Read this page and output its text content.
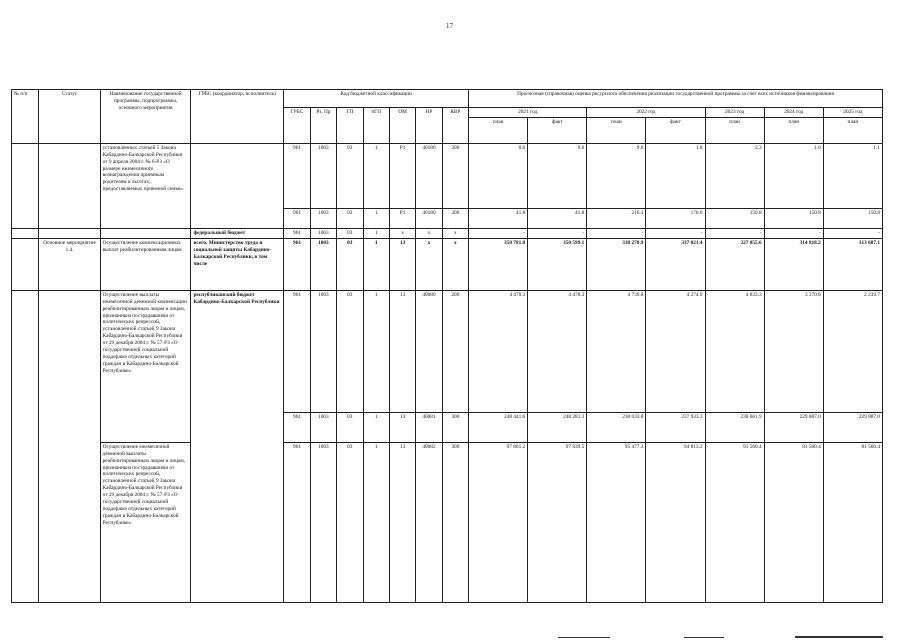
17
№ п/п	Статус	Наименование государственной программы, подпрограммы, основного мероприятия	ГРБС (координатор, исполнитель)	Код бюджетной классификации							Прогнозная (справочная) оценка ресурсного обеспечения реализации государственной программы за счет всех источников финансирования						
				ГРБС	Рз, Пр	ГП	пГП	ОМ	НР	КВР	2021 год		2022 год		2023 год	2024 год	2025 год
											план	факт	план	факт	план	план	план
		установленных статьей 5 Закона Кабардино-Балкарской Республики от 9 апреля 2004 г. № 6-РЗ «О размере ежемесячного вознаграждения приемным родителям и льготах, предоставляемых приемной семье»		961	1003	03	1	Р1	40180	200	0.6	0.6	9.0	1.8	2.3	1.6	1.1
				961	1003	03	1	Р1	40180	300	41.8	41.8	216.1	170.6	150.8	150.8	150.8
			федеральный бюджет	961	1003	03	1	х	х	х	-	-	-	-	-	-	-
	Основное мероприятие 1.4.	Осуществление компенсационных выплат реабилитированным лицам	всего, Министерство труда и социальной защиты Кабардино-Балкарской Республики, в том числе	961	1003	03	1	13	х	х	350 781.0	350 599.1	338 270.9	337 021.4	327 055.6	314 818.2	313 687.1
		Осуществление выплаты ежемесячной денежной компенсации реабилитированным лицам и лицам, признанным пострадавшими от политических репрессий, установленной статьей 9 Закона Кабардино-Балкарской Республики от 29 декабря 2004 г. № 57-РЗ «О государственной социальной поддержке отдельных категорий граждан в Кабардино-Балкарской Республике»	республиканский бюджет Кабардино-Балкарской Республики	961	1003	03	1	13	40080	200	4 478.3	4 478.3	4 739.8	4 274.9	4 833.3	3 370.8	2 239.7
				961	1003	03	1	13	40081	300	248 441.6	248 281.3	238 033.8	237 933.3	230 661.9	229 887.0	229 887.0
		Осуществление ежемесячной денежной выплаты реабилитированным лицам и лицам, признанным пострадавшими от политических репрессий, установленной статьей 9 Закона Кабардино-Балкарской Республики от 29 декабря 2004 г. № 57-РЗ «О государственной социальной поддержке отдельных категорий граждан в Кабардино-Балкарской Республике»		961	1003	03	1	13	40082	300	97 861.2	97 839.5	95 477.3	94 813.2	91 560.4	81 560.4	81 560.4
